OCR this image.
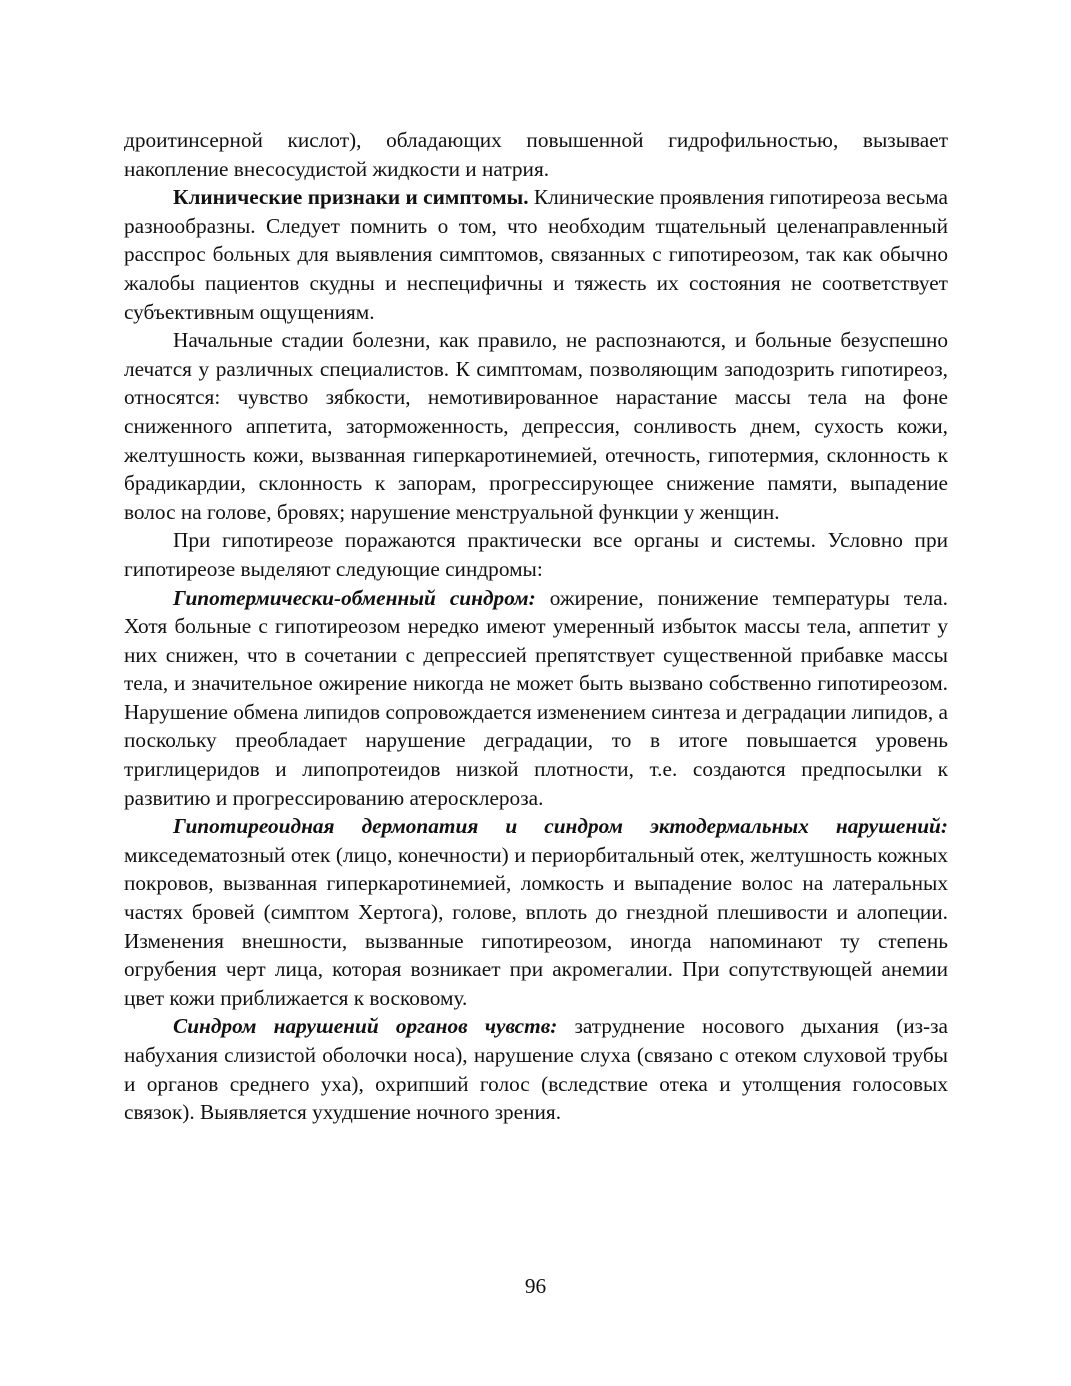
дроитинсерной кислот), обладающих повышенной гидрофильностью, вызывает накопление внесосудистой жидкости и натрия.

Клинические признаки и симптомы. Клинические проявления гипотиреоза весьма разнообразны. Следует помнить о том, что необходим тщательный целенаправленный расспрос больных для выявления симптомов, связанных с гипотиреозом, так как обычно жалобы пациентов скудны и неспецифичны и тяжесть их состояния не соответствует субъективным ощущениям.

Начальные стадии болезни, как правило, не распознаются, и больные безуспешно лечатся у различных специалистов. К симптомам, позволяющим заподозрить гипотиреоз, относятся: чувство зябкости, немотивированное нарастание массы тела на фоне сниженного аппетита, заторможенность, депрессия, сонливость днем, сухость кожи, желтушность кожи, вызванная гиперкаротинемией, отечность, гипотермия, склонность к брадикардии, склонность к запорам, прогрессирующее снижение памяти, выпадение волос на голове, бровях; нарушение менструальной функции у женщин.

При гипотиреозе поражаются практически все органы и системы. Условно при гипотиреозе выделяют следующие синдромы:

Гипотермически-обменный синдром: ожирение, понижение температуры тела. Хотя больные с гипотиреозом нередко имеют умеренный избыток массы тела, аппетит у них снижен, что в сочетании с депрессией препятствует существенной прибавке массы тела, и значительное ожирение никогда не может быть вызвано собственно гипотиреозом. Нарушение обмена липидов сопровождается изменением синтеза и деградации липидов, а поскольку преобладает нарушение деградации, то в итоге повышается уровень триглицеридов и липопротеидов низкой плотности, т.е. создаются предпосылки к развитию и прогрессированию атеросклероза.

Гипотиреоидная дермопатия и синдром эктодермальных нарушений: микседематозный отек (лицо, конечности) и периорбитальный отек, желтушность кожных покровов, вызванная гиперкаротинемией, ломкость и выпадение волос на латеральных частях бровей (симптом Хертога), голове, вплоть до гнездной плешивости и алопеции. Изменения внешности, вызванные гипотиреозом, иногда напоминают ту степень огрубения черт лица, которая возникает при акромегалии. При сопутствующей анемии цвет кожи приближается к восковому.

Синдром нарушений органов чувств: затруднение носового дыхания (из-за набухания слизистой оболочки носа), нарушение слуха (связано с отеком слуховой трубы и органов среднего уха), охрипший голос (вследствие отека и утолщения голосовых связок). Выявляется ухудшение ночного зрения.

96
